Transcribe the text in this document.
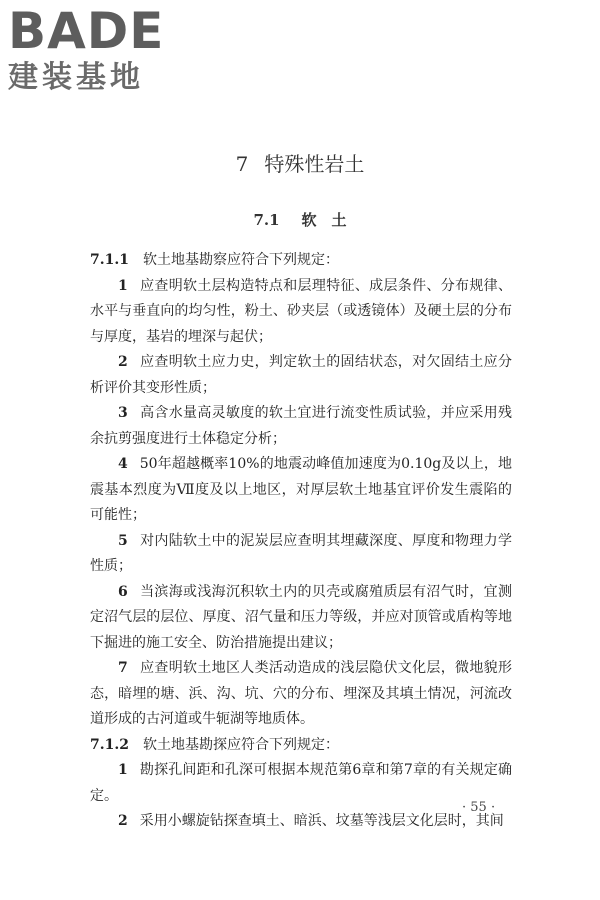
BADE
建装基地
7 特殊性岩土
7.1 软　土

7.1.1 软土地基勘察应符合下列规定：

1 应查明软土层构造特点和层理特征、成层条件、分布规律、水平与垂直向的均匀性，粉土、砂夹层（或透镜体）及硬土层的分布与厚度，基岩的埋深与起伏；

2 应查明软土应力史，判定软土的固结状态，对欠固结土应分析评价其变形性质；

3 高含水量高灵敏度的软土宜进行流变性质试验，并应采用残余抗剪强度进行土体稳定分析；

4 50年超越概率10%的地震动峰值加速度为0.10g及以上，地震基本烈度为Ⅶ度及以上地区，对厚层软土地基宜评价发生震陷的可能性；

5 对内陆软土中的泥炭层应查明其埋藏深度、厚度和物理力学性质；

6 当滨海或浅海沉积软土内的贝壳或腐殖质层有沼气时，宜测定沼气层的层位、厚度、沼气量和压力等级，并应对顶管或盾构等地下掘进的施工安全、防治措施提出建议；

7 应查明软土地区人类活动造成的浅层隐伏文化层，微地貌形态，暗埋的塘、浜、沟、坑、穴的分布、埋深及其填土情况，河流改道形成的古河道或牛轭湖等地质体。

7.1.2 软土地基勘探应符合下列规定：

1 勘探孔间距和孔深可根据本规范第6章和第7章的有关规定确定。

2 采用小螺旋钻探查填土、暗浜、坟墓等浅层文化层时，其间

· 55 ·
